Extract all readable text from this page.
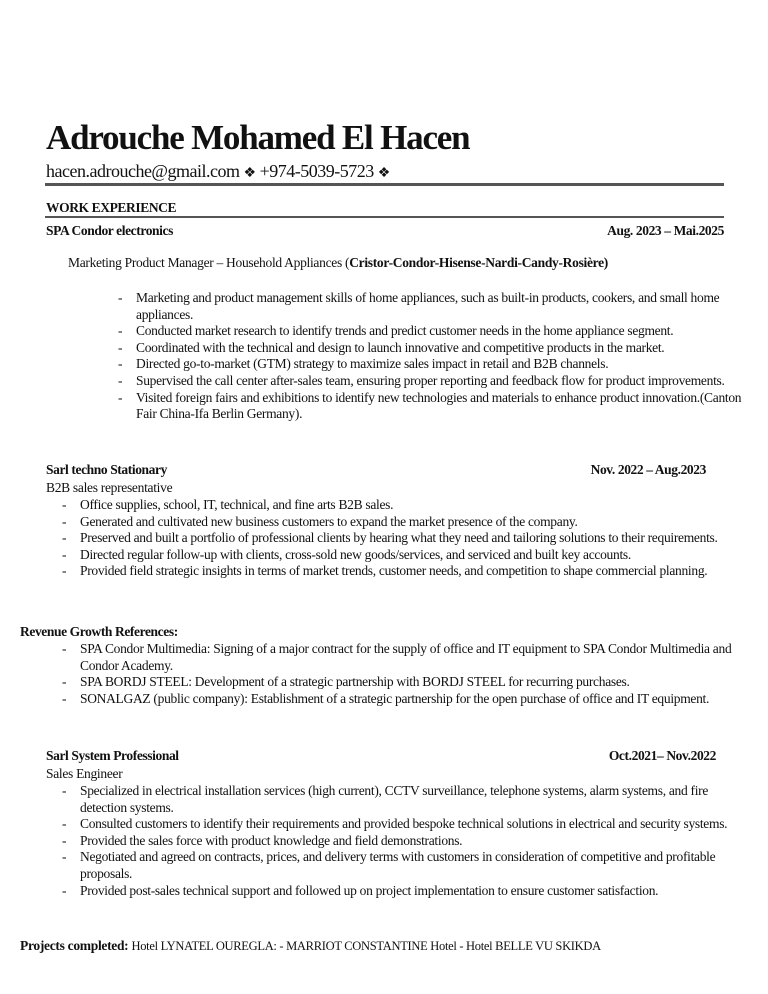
Adrouche Mohamed El Hacen
hacen.adrouche@gmail.com ❖ +974-5039-5723 ❖
WORK EXPERIENCE
SPA Condor electronics	Aug. 2023 – Mai.2025
Marketing Product Manager – Household Appliances (Cristor-Condor-Hisense-Nardi-Candy-Rosière)
- Marketing and product management skills of home appliances, such as built-in products, cookers, and small home appliances.
- Conducted market research to identify trends and predict customer needs in the home appliance segment.
- Coordinated with the technical and design to launch innovative and competitive products in the market.
- Directed go-to-market (GTM) strategy to maximize sales impact in retail and B2B channels.
- Supervised the call center after-sales team, ensuring proper reporting and feedback flow for product improvements.
- Visited foreign fairs and exhibitions to identify new technologies and materials to enhance product innovation.(Canton Fair China-Ifa Berlin Germany).
Sarl techno Stationary	Nov. 2022 – Aug.2023
B2B sales representative
- Office supplies, school, IT, technical, and fine arts B2B sales.
- Generated and cultivated new business customers to expand the market presence of the company.
- Preserved and built a portfolio of professional clients by hearing what they need and tailoring solutions to their requirements.
- Directed regular follow-up with clients, cross-sold new goods/services, and serviced and built key accounts.
- Provided field strategic insights in terms of market trends, customer needs, and competition to shape commercial planning.
Revenue Growth References:
- SPA Condor Multimedia: Signing of a major contract for the supply of office and IT equipment to SPA Condor Multimedia and Condor Academy.
- SPA BORDJ STEEL: Development of a strategic partnership with BORDJ STEEL for recurring purchases.
- SONALGAZ (public company): Establishment of a strategic partnership for the open purchase of office and IT equipment.
Sarl System Professional	Oct.2021– Nov.2022
Sales Engineer
- Specialized in electrical installation services (high current), CCTV surveillance, telephone systems, alarm systems, and fire detection systems.
- Consulted customers to identify their requirements and provided bespoke technical solutions in electrical and security systems.
- Provided the sales force with product knowledge and field demonstrations.
- Negotiated and agreed on contracts, prices, and delivery terms with customers in consideration of competitive and profitable proposals.
- Provided post-sales technical support and followed up on project implementation to ensure customer satisfaction.
Projects completed: Hotel LYNATEL OUREGLA: - MARRIOT CONSTANTINE Hotel - Hotel BELLE VU SKIKDA
